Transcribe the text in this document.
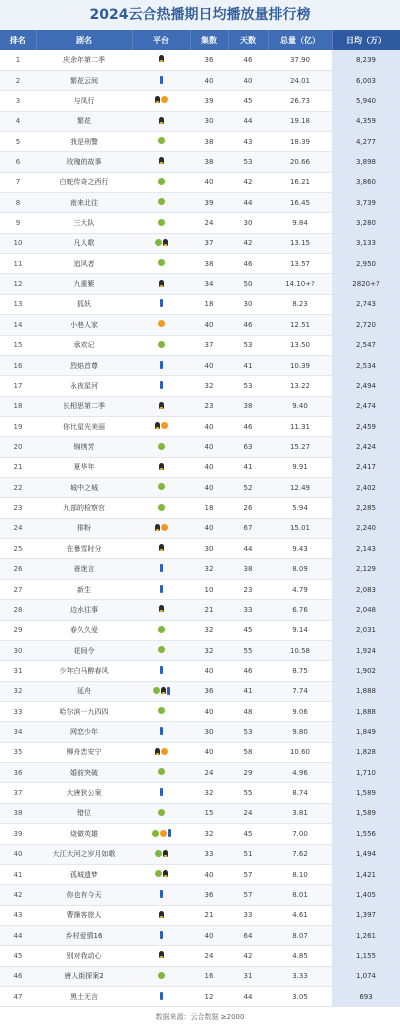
2024云合热播期日均播放量排行榜
排名	剧名	平台	集数	天数	总量（亿）	日均（万）
1	庆余年第二季		36	46	37.90	8,239
2	繁花云间		40	40	24.01	6,003
3	与凤行		39	45	26.73	5,940
4	繁花		30	44	19.18	4,359
5	我是刑警		38	43	18.39	4,277
6	玫瑰的故事		38	53	20.66	3,898
7	白蛇传奇之西行		40	42	16.21	3,860
8	南来北往		39	44	16.45	3,739
9	三大队		24	30	9.84	3,280
10	凡人歌		37	42	13.15	3,133
11	追风者		38	46	13.57	2,950
12	九重紫		34	50	14.10+?	2820+?
13	狐妖		18	30	8.23	2,743
14	小巷人家		40	46	12.51	2,720
15	承欢记		37	53	13.50	2,547
16	烈焰首尊		40	41	10.39	2,534
17	永夜星河		32	53	13.22	2,494
18	长相思第二季		23	38	9.40	2,474
19	你比星光美丽		40	46	11.31	2,459
20	锦绣芳		40	63	15.27	2,424
21	夏华年		40	41	9.91	2,417
22	城中之城		40	52	12.49	2,402
23	九部的检察官		18	26	5.94	2,285
24	排粉		40	67	15.01	2,240
25	在暴雪时分		30	44	9.43	2,143
26	善迷言		32	38	8.09	2,129
27	新生		10	23	4.79	2,083
28	边水往事		21	33	6.76	2,048
29	春久久爱		32	45	9.14	2,031
30	花间令		32	55	10.58	1,924
31	少年白马醉春风		40	46	8.75	1,902
32	延舟		36	41	7.74	1,888
33	哈尔滨一九四四		40	48	9.06	1,888
34	网恋少年		30	53	9.80	1,849
35	柳舟恋安宁		40	58	10.60	1,828
36	婚前突破		24	29	4.96	1,710
37	大唐狄公案		32	55	8.74	1,589
38	错位		15	24	3.81	1,589
39	烧做英雄		32	45	7.00	1,556
40	大江大河之岁月如歌		33	51	7.62	1,494
41	孤城遗梦		40	57	8.10	1,421
42	你也有今天		36	57	8.01	1,405
43	曹操客旅人		21	33	4.61	1,397
44	乡村爱情16		40	64	8.07	1,261
45	别对我动心		24	42	4.85	1,155
46	唐人街探案2		16	31	3.33	1,074
47	黑土无言		12	44	3.05	693
数据来源：云合数据 ≥2000
